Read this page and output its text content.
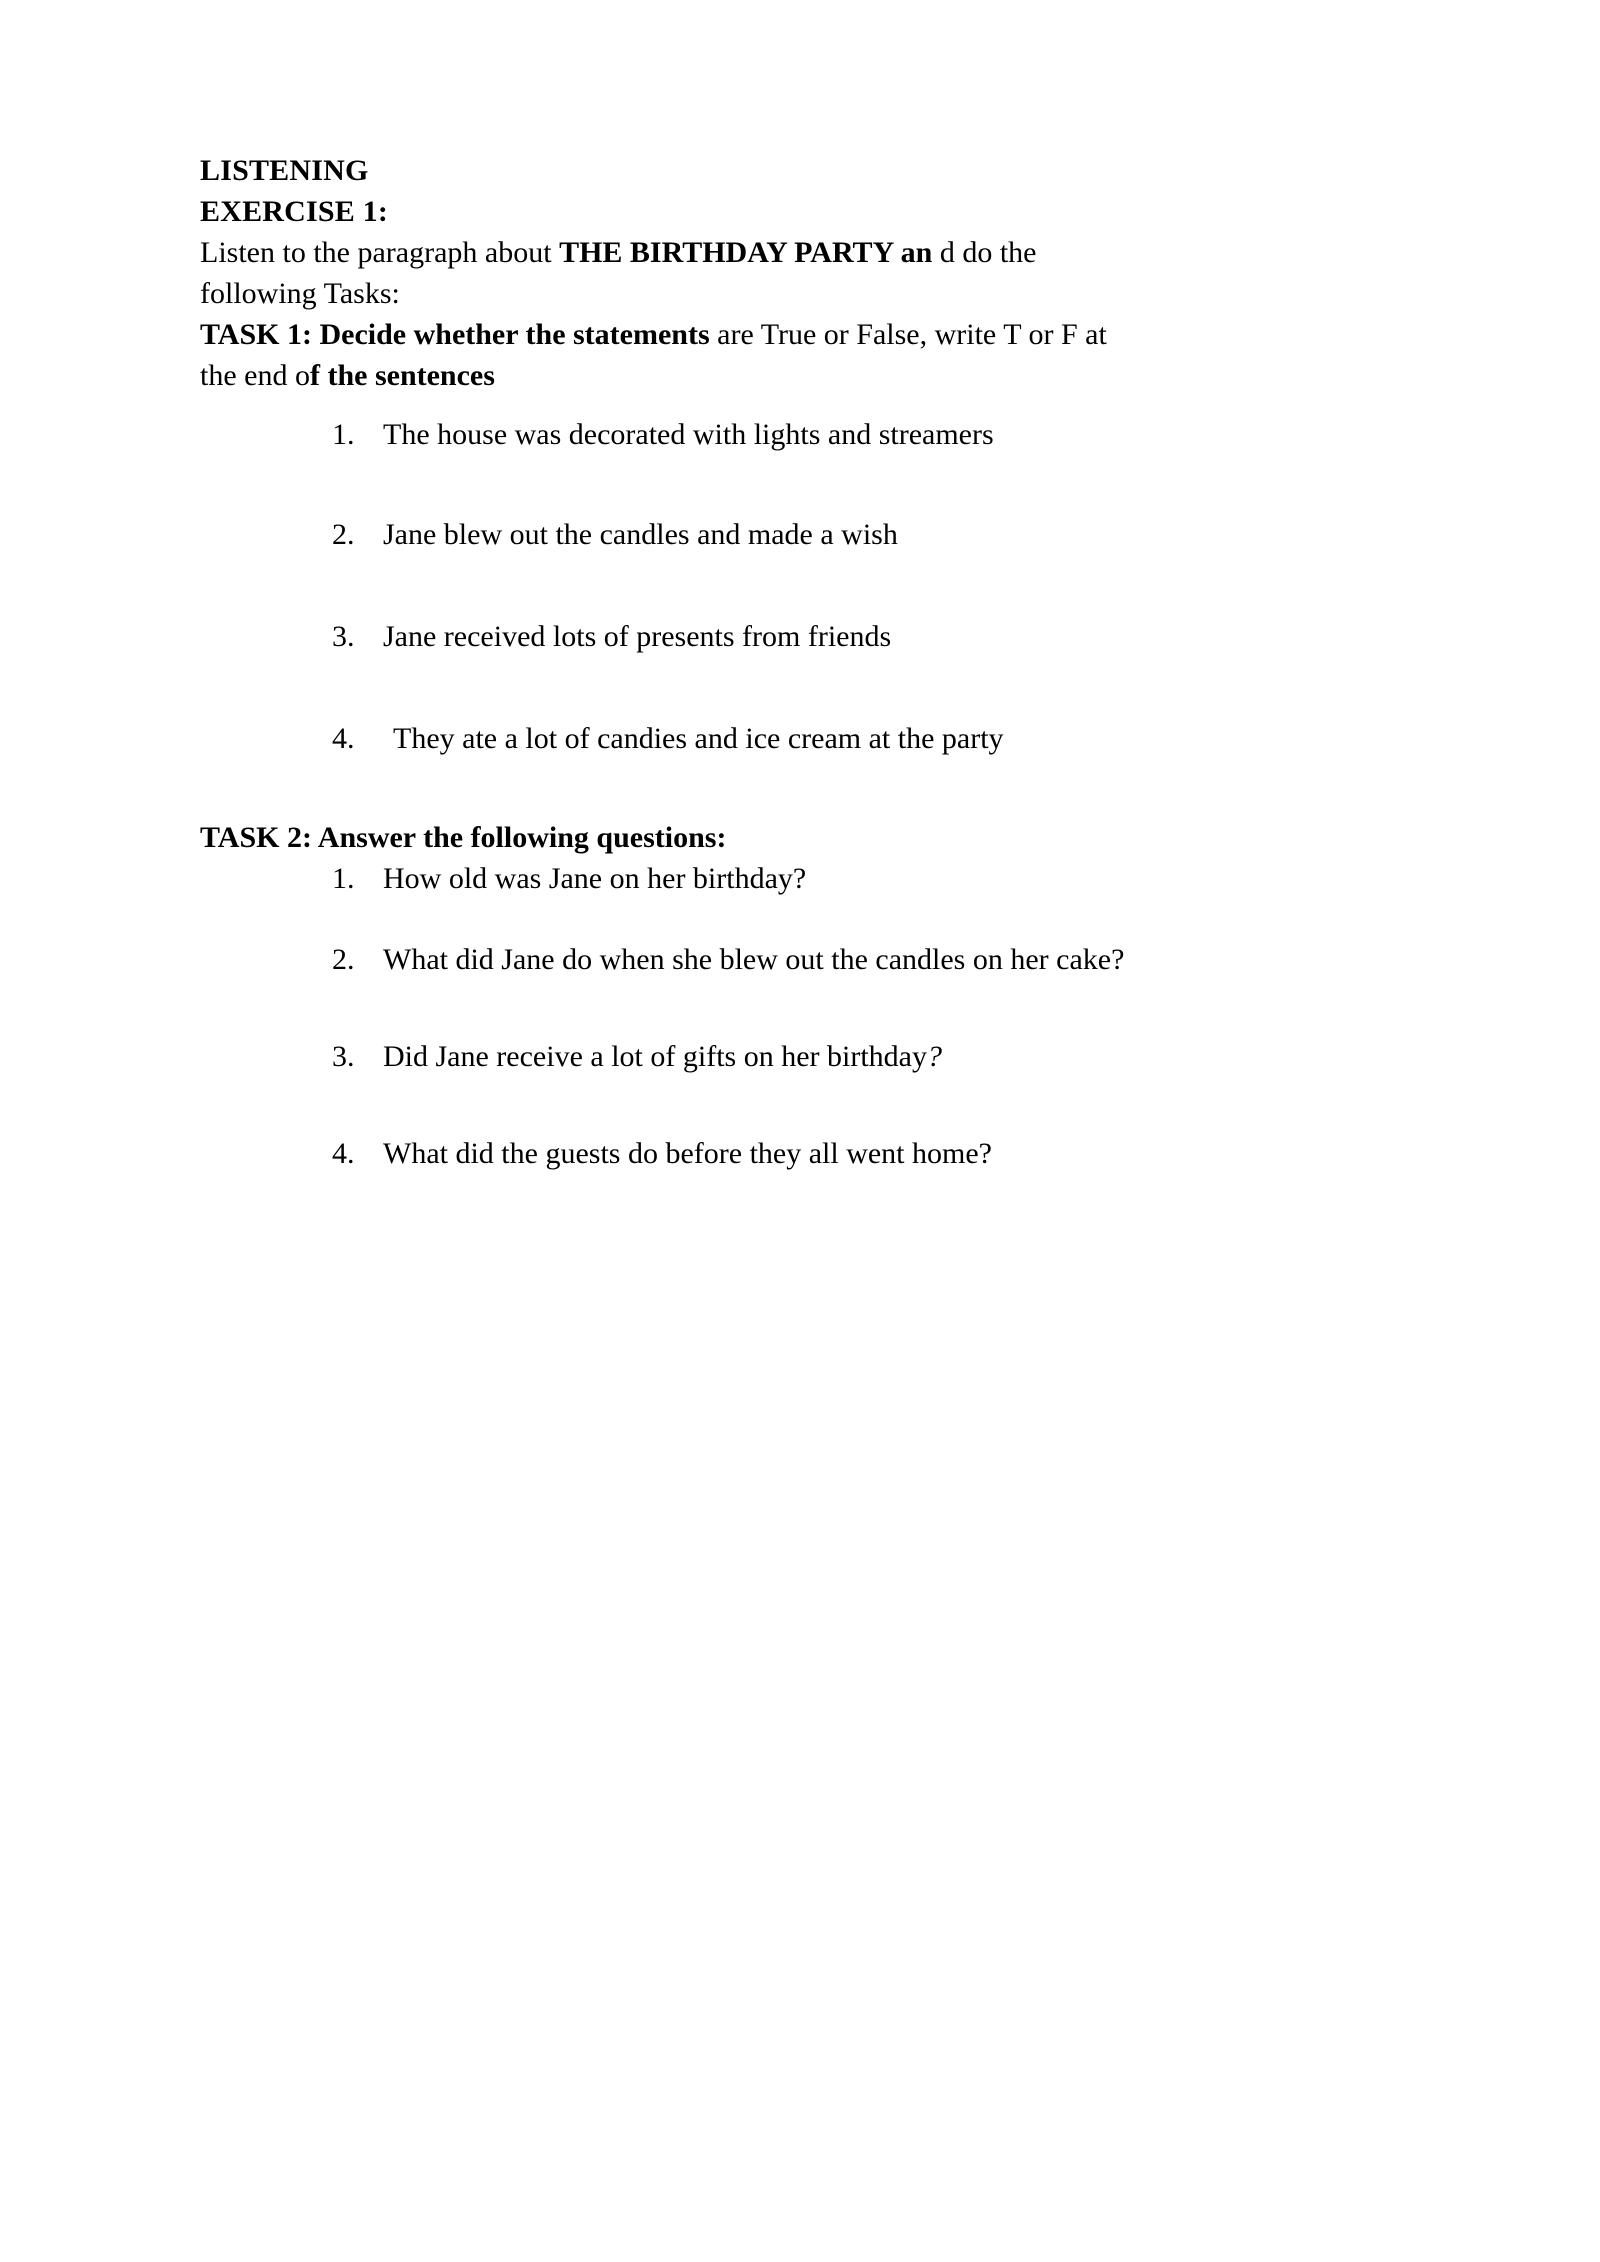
LISTENING
EXERCISE 1:
Listen to the paragraph about THE BIRTHDAY PARTY an d do the
following Tasks:
TASK 1: Decide whether the statements are True or False, write T or F at
the end of the sentences
1. The house was decorated with lights and streamers
2. Jane blew out the candles and made a wish
3. Jane received lots of presents from friends
4.	They ate a lot of candies and ice cream at the party
TASK 2: Answer the following questions:
1. How old was Jane on her birthday?
2. What did Jane do when she blew out the candles on her cake?
3. Did Jane receive a lot of gifts on her birthday?
4. What did the guests do before they all went home?
